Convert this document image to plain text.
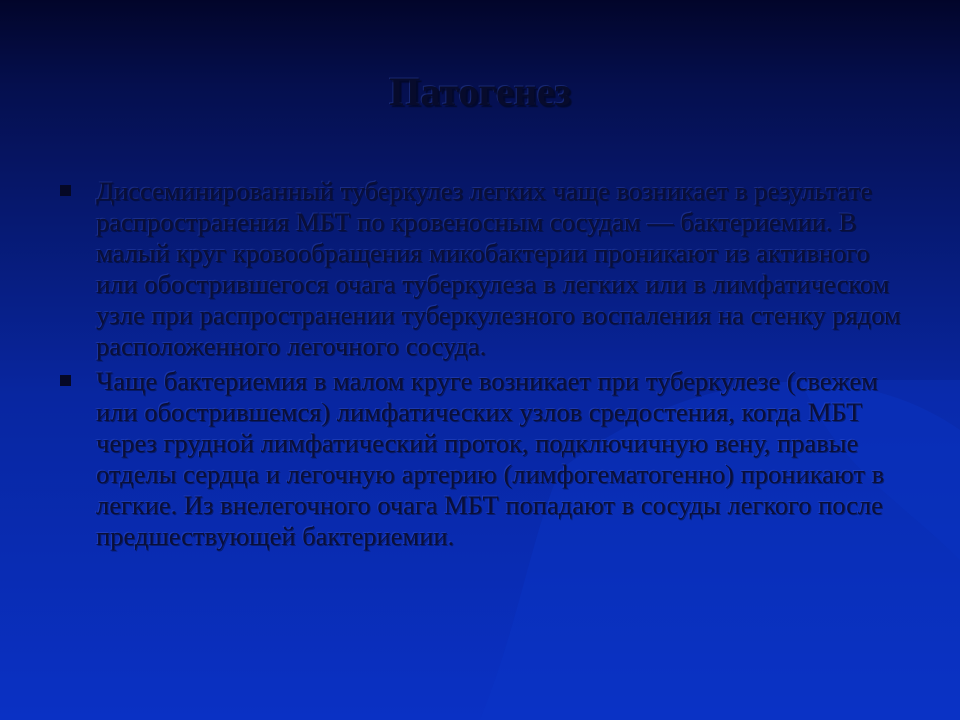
Патогенез
Диссеминированный туберкулез легких чаще возникает в результате распространения МБТ по кровеносным сосудам — бактериемии. В малый круг кровообращения микобактерии проникают из активного или обострившегося очага туберкулеза в легких или в лимфатическом узле при распространении туберкулезного воспаления на стенку рядом расположенного легочного сосуда.
Чаще бактериемия в малом круге возникает при туберкулезе (свежем или обострившемся) лимфатических узлов средостения, когда МБТ через грудной лимфатический проток, подключичную вену, правые отделы сердца и легочную артерию (лимфогематогенно) проникают в легкие. Из внелегочного очага МБТ попадают в сосуды легкого после предшествующей бактериемии.
